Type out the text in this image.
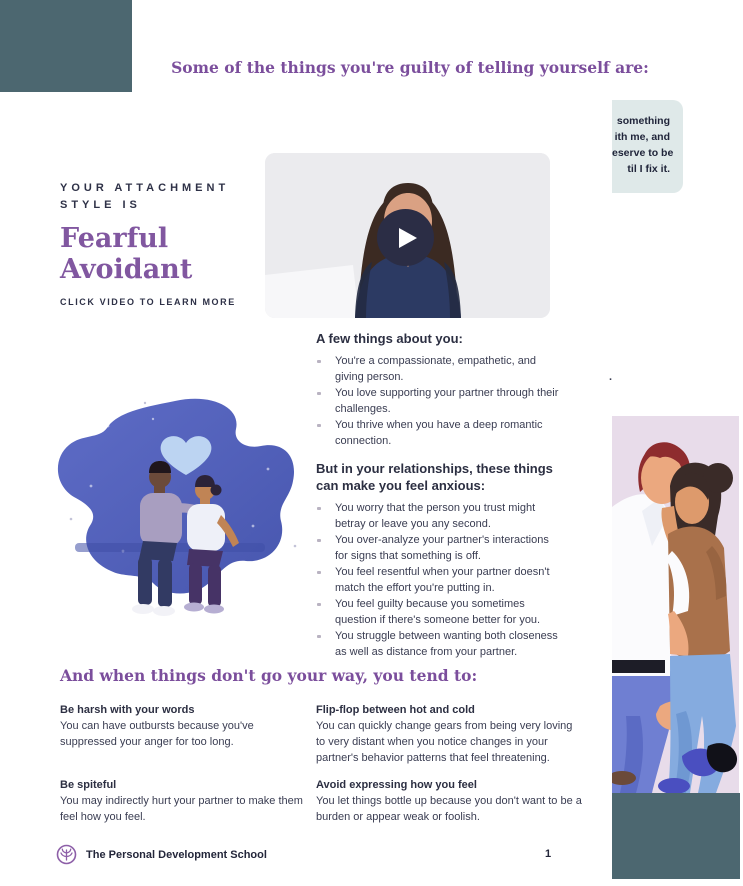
Some of the things you're guilty of telling yourself are:
something
ith me, and
eserve to be
til I fix it.
YOUR ATTACHMENT
STYLE IS
Fearful
Avoidant
CLICK VIDEO TO LEARN MORE
A few things about you:
You're a compassionate, empathetic, and giving person.
You love supporting your partner through their challenges.
You thrive when you have a deep romantic connection.
.
But in your relationships, these things can make you feel anxious:
You worry that the person you trust might betray or leave you any second.
You over-analyze your partner's interactions for signs that something is off.
You feel resentful when your partner doesn't match the effort you're putting in.
You feel guilty because you sometimes question if there's someone better for you.
You struggle between wanting both closeness as well as distance from your partner.
And when things don't go your way, you tend to:
Be harsh with your words
You can have outbursts because you've suppressed your anger for too long.
Flip-flop between hot and cold
You can quickly change gears from being very loving to very distant when you notice changes in your partner's behavior patterns that feel threatening.
Be spiteful
You may indirectly hurt your partner to make them feel how you feel.
Avoid expressing how you feel
You let things bottle up because you don't want to be a burden or appear weak or foolish.
The Personal Development School	1
